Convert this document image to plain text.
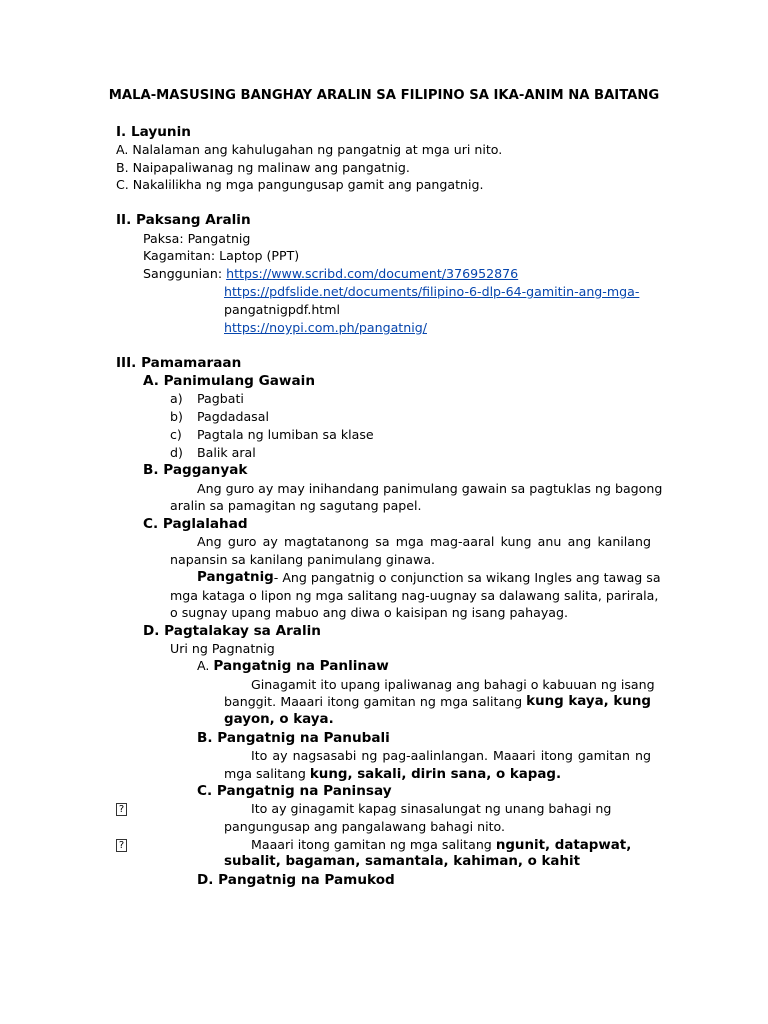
MALA-MASUSING BANGHAY ARALIN SA FILIPINO SA IKA-ANIM NA BAITANG
I. Layunin
A. Nalalaman ang kahulugahan ng pangatnig at mga uri nito.
B. Naipapaliwanag ng malinaw ang pangatnig.
C. Nakalilikha ng mga pangungusap gamit ang pangatnig.
II. Paksang Aralin
Paksa: Pangatnig
Kagamitan: Laptop (PPT)
Sanggunian: https://www.scribd.com/document/376952876
https://pdfslide.net/documents/filipino-6-dlp-64-gamitin-ang-mga-
pangatnigpdf.html
https://noypi.com.ph/pangatnig/
III. Pamamaraan
A. Panimulang Gawain
a) Pagbati
b) Pagdadasal
c) Pagtala ng lumiban sa klase
d) Balik aral
B. Pagganyak
Ang guro ay may inihandang panimulang gawain sa pagtuklas ng bagong
aralin sa pamagitan ng sagutang papel.
C. Paglalahad
Ang guro ay magtatanong sa mga mag-aaral kung anu ang kanilang
napansin sa kanilang panimulang ginawa.
Pangatnig - Ang pangatnig o conjunction sa wikang Ingles ang tawag sa
mga kataga o lipon ng mga salitang nag-uugnay sa dalawang salita, parirala,
o sugnay upang mabuo ang diwa o kaisipan ng isang pahayag.
D. Pagtalakay sa Aralin
Uri ng Pagnatnig
A. Pangatnig na Panlinaw
Ginagamit ito upang ipaliwanag ang bahagi o kabuuan ng isang
banggit. Maaari itong gamitan ng mga salitang kung kaya, kung
gayon, o kaya.
B. Pangatnig na Panubali
Ito ay nagsasabi ng pag-aalinlangan. Maaari itong gamitan ng
mga salitang kung, sakali, dirin sana, o kapag.
C. Pangatnig na Paninsay
?	Ito ay ginagamit kapag sinasalungat ng unang bahagi ng
pangungusap ang pangalawang bahagi nito.
?	Maaari itong gamitan ng mga salitang ngunit, datapwat,
subalit, bagaman, samantala, kahiman, o kahit
D. Pangatnig na Pamukod
